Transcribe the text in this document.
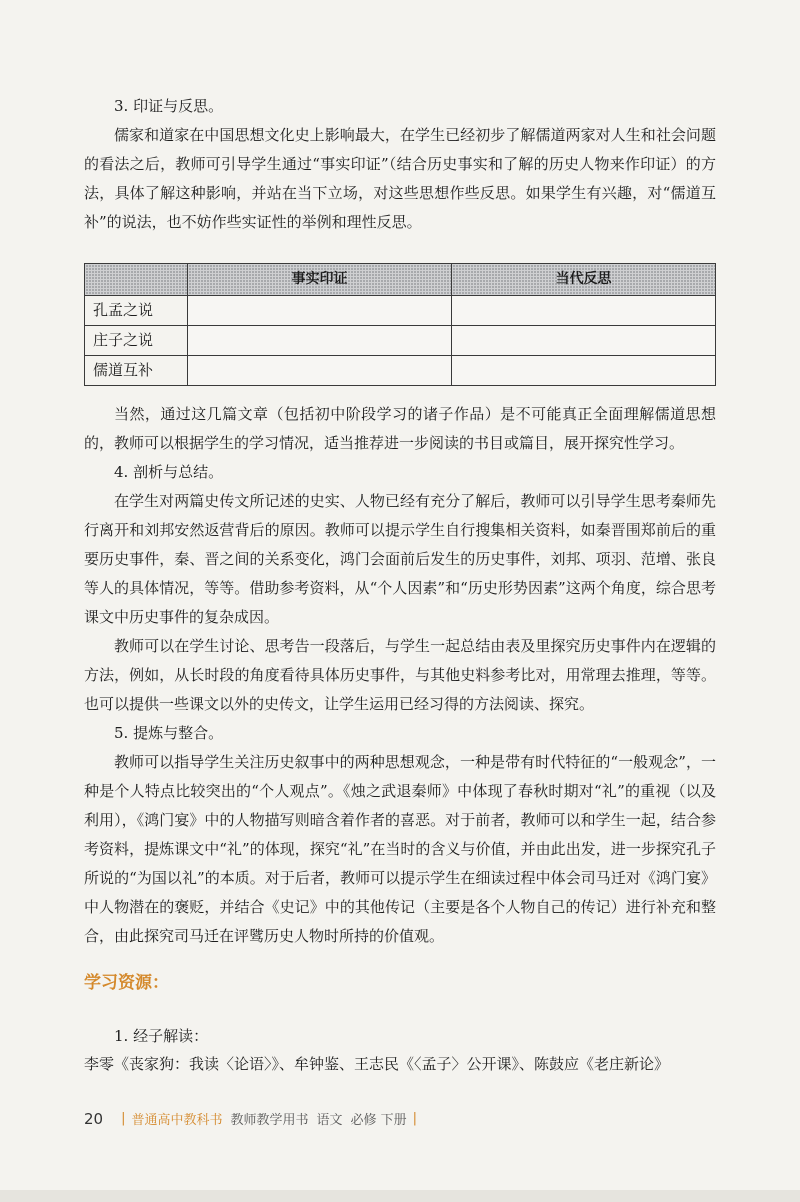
3. 印证与反思。

儒家和道家在中国思想文化史上影响最大，在学生已经初步了解儒道两家对人生和社会问题的看法之后，教师可引导学生通过“事实印证”（结合历史事实和了解的历史人物来作印证）的方法，具体了解这种影响，并站在当下立场，对这些思想作些反思。如果学生有兴趣，对“儒道互补”的说法，也不妨作些实证性的举例和理性反思。

	事实印证	当代反思
孔孟之说		
庄子之说		
儒道互补		

当然，通过这几篇文章（包括初中阶段学习的诸子作品）是不可能真正全面理解儒道思想的，教师可以根据学生的学习情况，适当推荐进一步阅读的书目或篇目，展开探究性学习。

4. 剖析与总结。

在学生对两篇史传文所记述的史实、人物已经有充分了解后，教师可以引导学生思考秦师先行离开和刘邦安然返营背后的原因。教师可以提示学生自行搜集相关资料，如秦晋围郑前后的重要历史事件，秦、晋之间的关系变化，鸿门会面前后发生的历史事件，刘邦、项羽、范增、张良等人的具体情况，等等。借助参考资料，从“个人因素”和“历史形势因素”这两个角度，综合思考课文中历史事件的复杂成因。

教师可以在学生讨论、思考告一段落后，与学生一起总结由表及里探究历史事件内在逻辑的方法，例如，从长时段的角度看待具体历史事件，与其他史料参考比对，用常理去推理，等等。也可以提供一些课文以外的史传文，让学生运用已经习得的方法阅读、探究。

5. 提炼与整合。

教师可以指导学生关注历史叙事中的两种思想观念，一种是带有时代特征的“一般观念”，一种是个人特点比较突出的“个人观点”。《烛之武退秦师》中体现了春秋时期对“礼”的重视（以及利用），《鸿门宴》中的人物描写则暗含着作者的喜恶。对于前者，教师可以和学生一起，结合参考资料，提炼课文中“礼”的体现，探究“礼”在当时的含义与价值，并由此出发，进一步探究孔子所说的“为国以礼”的本质。对于后者，教师可以提示学生在细读过程中体会司马迁对《鸿门宴》中人物潜在的褒贬，并结合《史记》中的其他传记（主要是各个人物自己的传记）进行补充和整合，由此探究司马迁在评骘历史人物时所持的价值观。

学习资源：
1. 经子解读：
李零《丧家狗：我读〈论语〉》、牟钟鉴、王志民《〈孟子〉公开课》、陈鼓应《老庄新论》
20 | 普通高中教科书 教师教学用书 语文 必修 下册 |
